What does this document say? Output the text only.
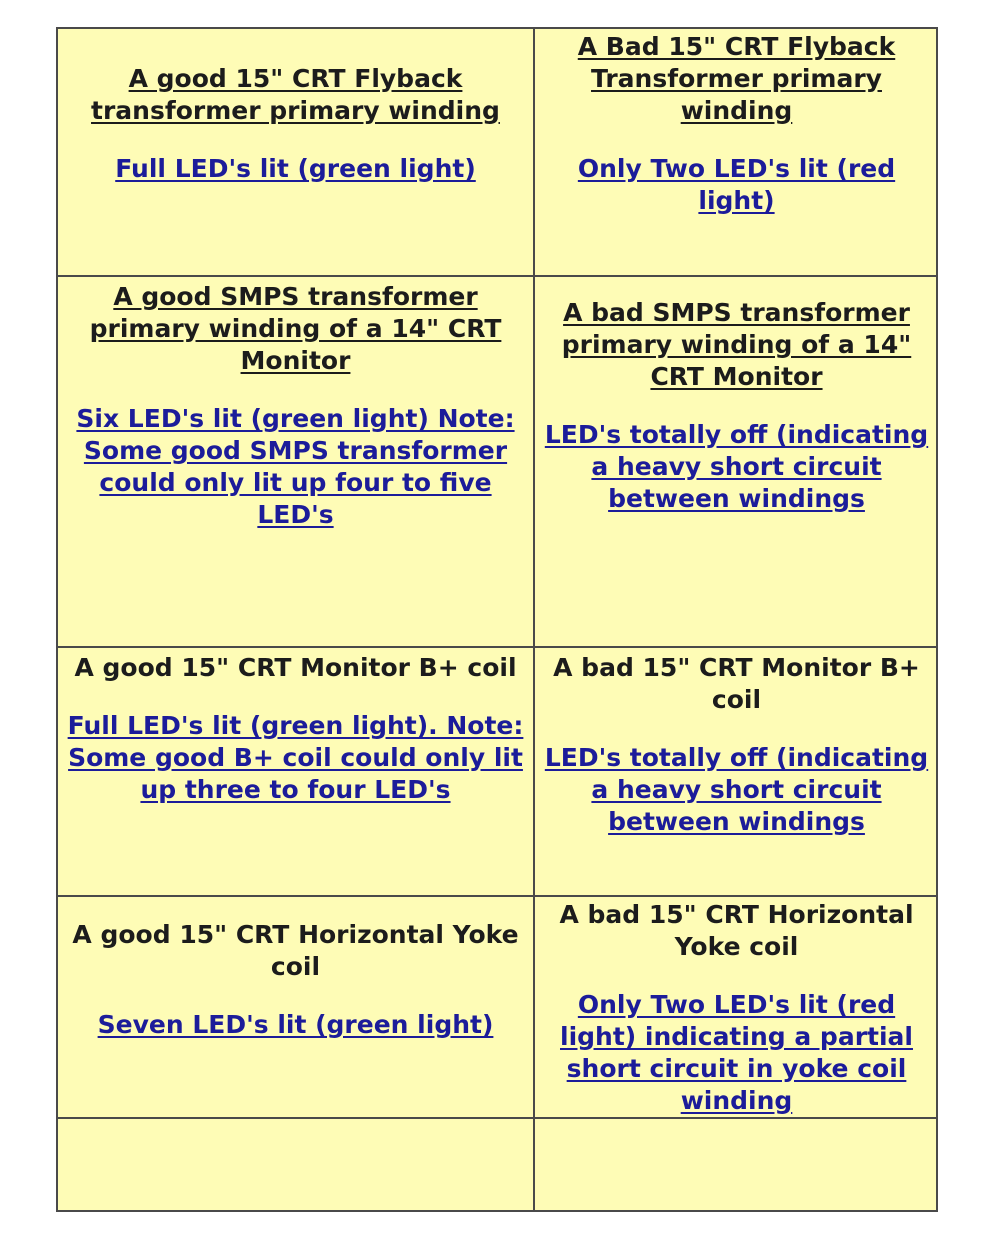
A good 15" CRT Flyback transformer primary winding
Full LED's lit (green light)
A Bad 15" CRT Flyback Transformer primary winding
Only Two LED's lit (red light)
A good SMPS transformer primary winding of a 14" CRT Monitor
Six LED's lit (green light) Note: Some good SMPS transformer could only lit up four to five LED's
A bad SMPS transformer primary winding of a 14" CRT Monitor
LED's totally off (indicating a heavy short circuit between windings
A good 15" CRT Monitor B+ coil
Full LED's lit (green light). Note: Some good B+ coil could only lit up three to four LED's
A bad 15" CRT Monitor B+ coil
LED's totally off (indicating a heavy short circuit between windings
A good 15" CRT Horizontal Yoke coil
Seven LED's lit (green light)
A bad 15" CRT Horizontal Yoke coil
Only Two LED's lit (red light) indicating a partial short circuit in yoke coil winding
